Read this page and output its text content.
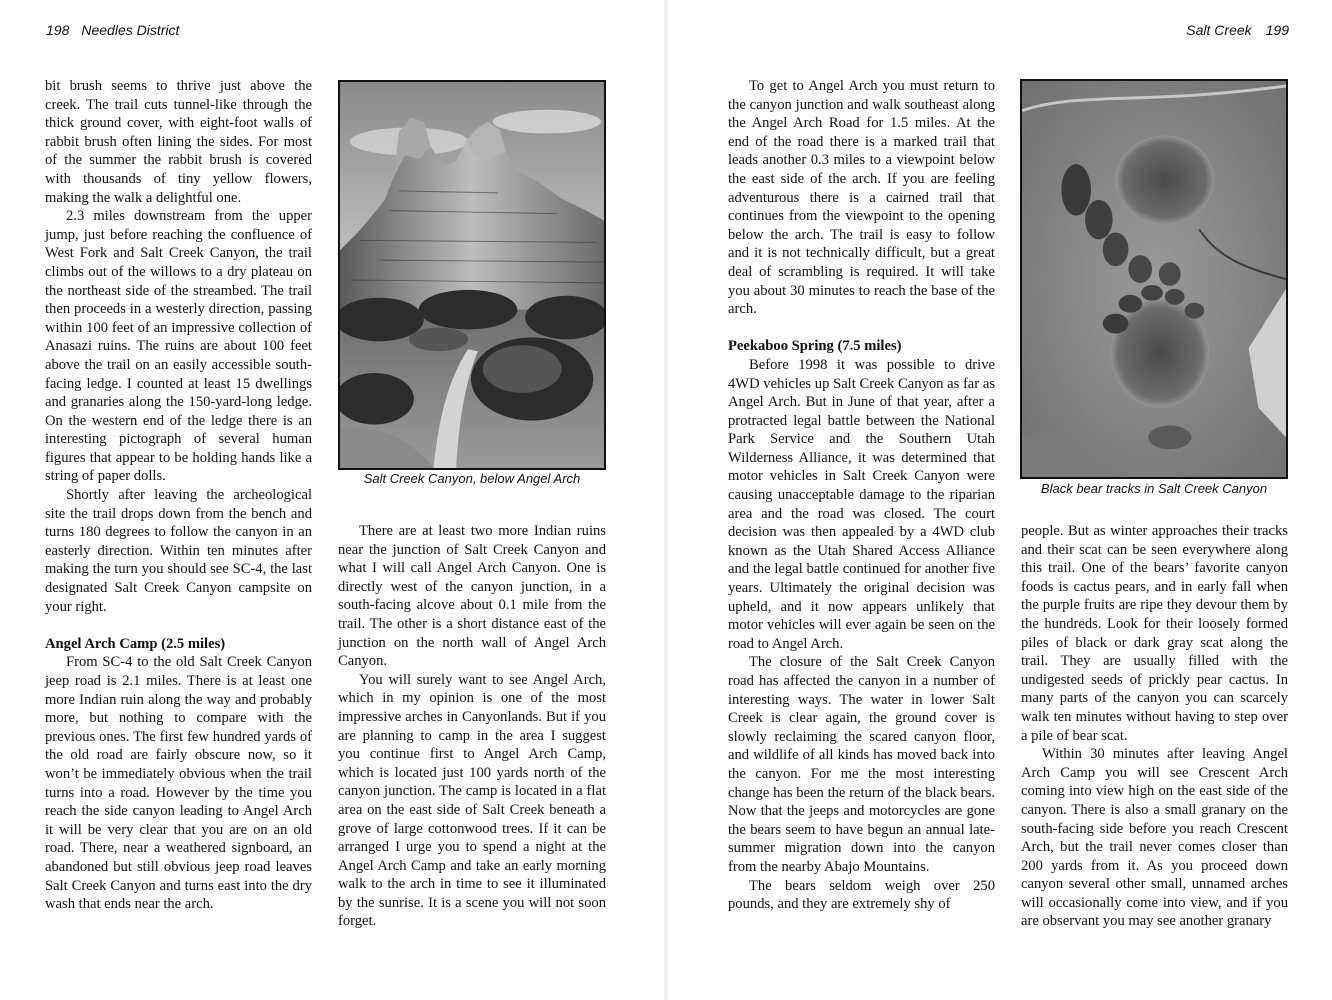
198 Needles District

bit brush seems to thrive just above the creek. The trail cuts tunnel-like through the thick ground cover, with eight-foot walls of rabbit brush often lining the sides. For most of the summer the rabbit brush is covered with thousands of tiny yellow flowers, making the walk a delightful one.

2.3 miles downstream from the upper jump, just before reaching the confluence of West Fork and Salt Creek Canyon, the trail climbs out of the willows to a dry plateau on the northeast side of the streambed. The trail then proceeds in a westerly direction, passing within 100 feet of an impressive collection of Anasazi ruins. The ruins are about 100 feet above the trail on an easily accessible south-facing ledge. I counted at least 15 dwellings and granaries along the 150-yard-long ledge. On the western end of the ledge there is an interesting pictograph of several human figures that appear to be holding hands like a string of paper dolls.

Shortly after leaving the archeological site the trail drops down from the bench and turns 180 degrees to follow the canyon in an easterly direction. Within ten minutes after making the turn you should see SC-4, the last designated Salt Creek Canyon campsite on your right.

Angel Arch Camp (2.5 miles)

From SC-4 to the old Salt Creek Canyon jeep road is 2.1 miles. There is at least one more Indian ruin along the way and probably more, but nothing to compare with the previous ones. The first few hundred yards of the old road are fairly obscure now, so it won’t be immediately obvious when the trail turns into a road. However by the time you reach the side canyon leading to Angel Arch it will be very clear that you are on an old road. There, near a weathered signboard, an abandoned but still obvious jeep road leaves Salt Creek Canyon and turns east into the dry wash that ends near the arch.

Salt Creek Canyon, below Angel Arch

There are at least two more Indian ruins near the junction of Salt Creek Canyon and what I will call Angel Arch Canyon. One is directly west of the canyon junction, in a south-facing alcove about 0.1 mile from the trail. The other is a short distance east of the junction on the north wall of Angel Arch Canyon.

You will surely want to see Angel Arch, which in my opinion is one of the most impressive arches in Canyonlands. But if you are planning to camp in the area I suggest you continue first to Angel Arch Camp, which is located just 100 yards north of the canyon junction. The camp is located in a flat area on the east side of Salt Creek beneath a grove of large cottonwood trees. If it can be arranged I urge you to spend a night at the Angel Arch Camp and take an early morning walk to the arch in time to see it illuminated by the sunrise. It is a scene you will not soon forget.

Salt Creek 199

To get to Angel Arch you must return to the canyon junction and walk southeast along the Angel Arch Road for 1.5 miles. At the end of the road there is a marked trail that leads another 0.3 miles to a viewpoint below the east side of the arch. If you are feeling adventurous there is a cairned trail that continues from the viewpoint to the opening below the arch. The trail is easy to follow and it is not technically difficult, but a great deal of scrambling is required. It will take you about 30 minutes to reach the base of the arch.

Peekaboo Spring (7.5 miles)

Before 1998 it was possible to drive 4WD vehicles up Salt Creek Canyon as far as Angel Arch. But in June of that year, after a protracted legal battle between the National Park Service and the Southern Utah Wilderness Alliance, it was determined that motor vehicles in Salt Creek Canyon were causing unacceptable damage to the riparian area and the road was closed. The court decision was then appealed by a 4WD club known as the Utah Shared Access Alliance and the legal battle continued for another five years. Ultimately the original decision was upheld, and it now appears unlikely that motor vehicles will ever again be seen on the road to Angel Arch.

The closure of the Salt Creek Canyon road has affected the canyon in a number of interesting ways. The water in lower Salt Creek is clear again, the ground cover is slowly reclaiming the scared canyon floor, and wildlife of all kinds has moved back into the canyon. For me the most interesting change has been the return of the black bears. Now that the jeeps and motorcycles are gone the bears seem to have begun an annual late-summer migration down into the canyon from the nearby Abajo Mountains.

The bears seldom weigh over 250 pounds, and they are extremely shy of

Black bear tracks in Salt Creek Canyon

people. But as winter approaches their tracks and their scat can be seen everywhere along this trail. One of the bears’ favorite canyon foods is cactus pears, and in early fall when the purple fruits are ripe they devour them by the hundreds. Look for their loosely formed piles of black or dark gray scat along the trail. They are usually filled with the undigested seeds of prickly pear cactus. In many parts of the canyon you can scarcely walk ten minutes without having to step over a pile of bear scat.

Within 30 minutes after leaving Angel Arch Camp you will see Crescent Arch coming into view high on the east side of the canyon. There is also a small granary on the south-facing side before you reach Crescent Arch, but the trail never comes closer than 200 yards from it. As you proceed down canyon several other small, unnamed arches will occasionally come into view, and if you are observant you may see another granary
